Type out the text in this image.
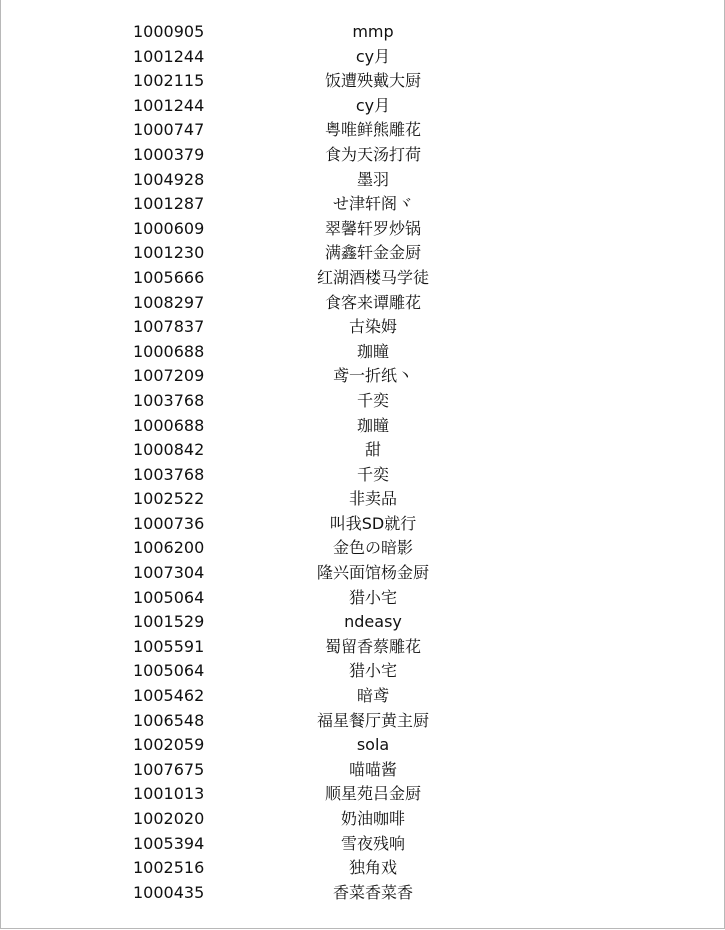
1000905	mmp
1001244	cy月
1002115	饭遭殃戴大厨
1001244	cy月
1000747	粤唯鲜熊雕花
1000379	食为天汤打荷
1004928	墨羽
1001287	せ津轩阁ヾ
1000609	翠馨轩罗炒锅
1001230	满鑫轩金金厨
1005666	红湖酒楼马学徒
1008297	食客来谭雕花
1007837	古染姆
1000688	珈瞳
1007209	鸢一折纸丶
1003768	千奕
1000688	珈瞳
1000842	甜
1003768	千奕
1002522	非卖品
1000736	叫我SD就行
1006200	金色の暗影
1007304	隆兴面馆杨金厨
1005064	猎小宅
1001529	ndeasy
1005591	蜀留香蔡雕花
1005064	猎小宅
1005462	暗鸢
1006548	福星餐厅黄主厨
1002059	sola
1007675	喵喵酱
1001013	顺星苑吕金厨
1002020	奶油咖啡
1005394	雪夜残响
1002516	独角戏
1000435	香菜香菜香
